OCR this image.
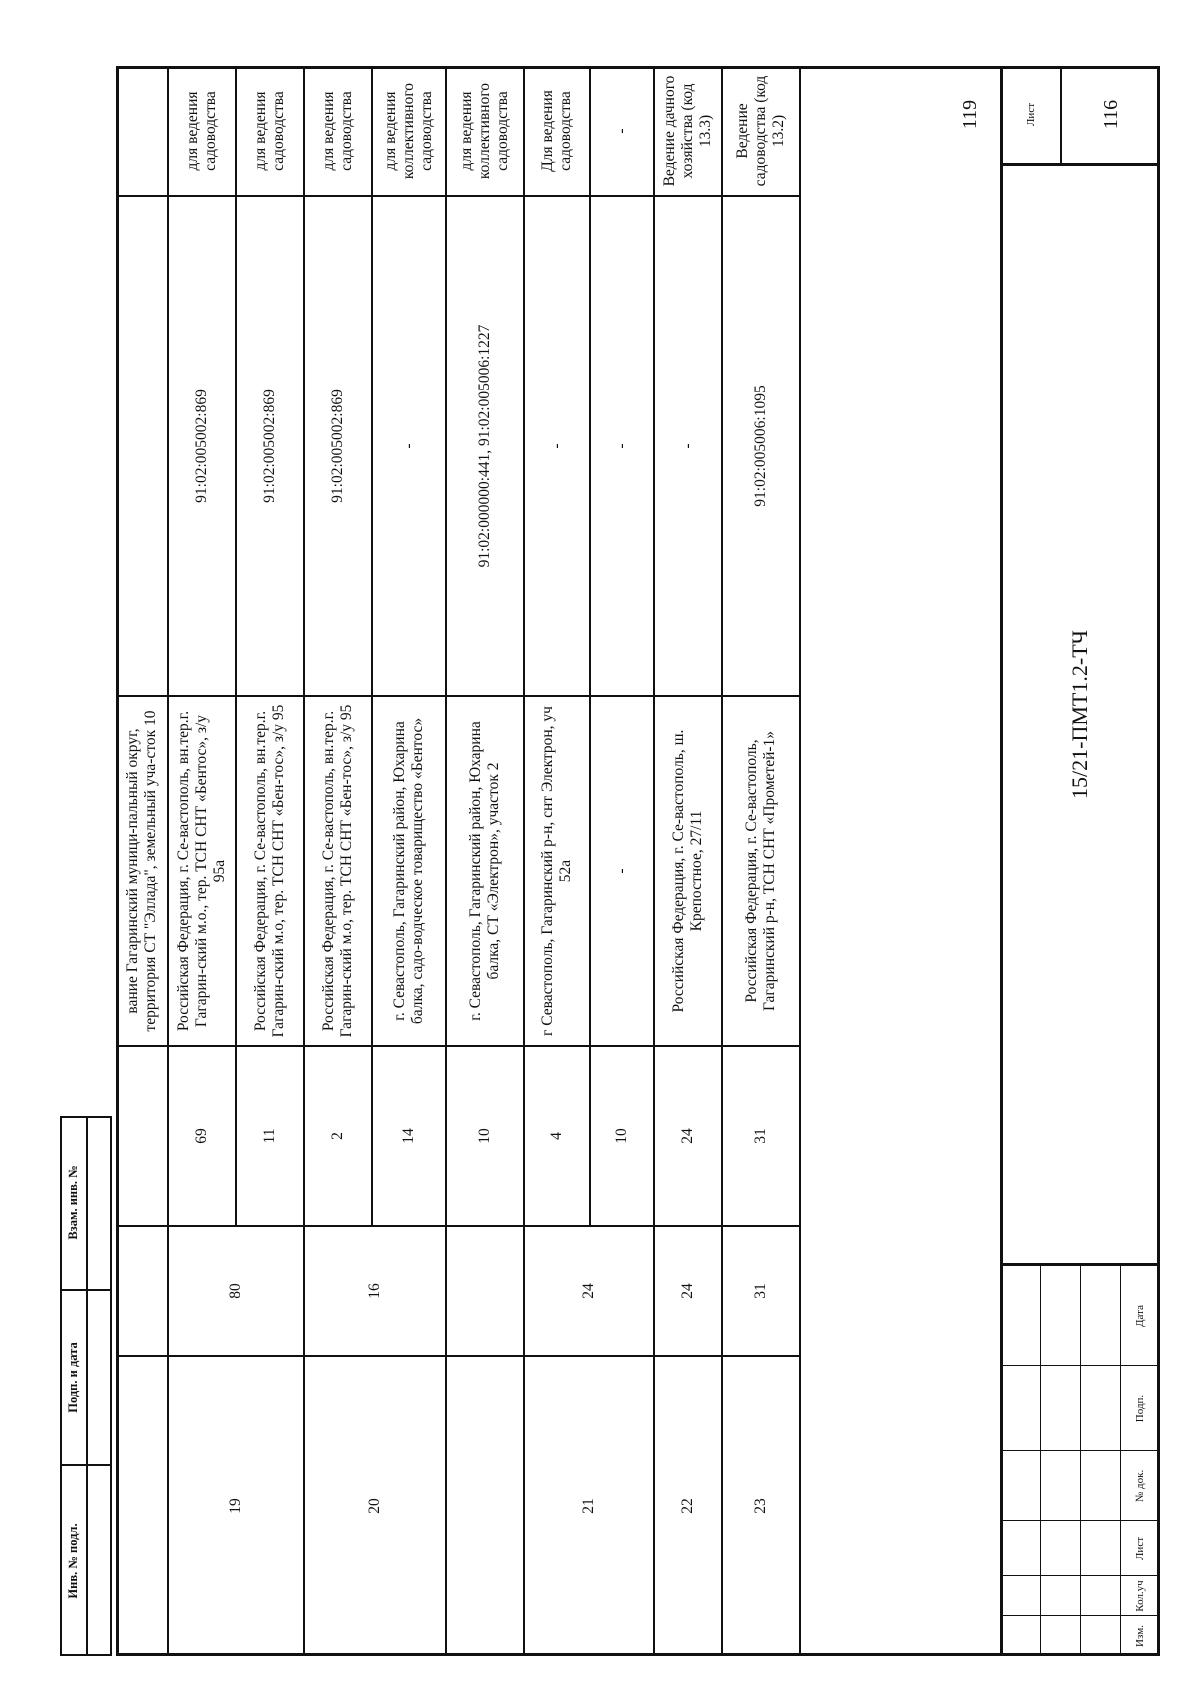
Инв. № подл.
Подп. и дата
Взам. инв. №
вание Гагаринский муници-пальный округ, территория СТ "Эллада", земельный уча-сток 10
69
Российская Федерация, г. Се-вастополь, вн.тер.г. Гагарин-ский м.о., тер. ТСН СНТ «Бентос», з/у 95а
91:02:005002:869
для ведения садоводства
11
Российская Федерация, г. Се-вастополь, вн.тер.г. Гагарин-ский м.о, тер. ТСН СНТ «Бен-тос», з/у 95
91:02:005002:869
для ведения садоводства
2
Российская Федерация, г. Се-вастополь, вн.тер.г. Гагарин-ский м.о, тер. ТСН СНТ «Бен-тос», з/у 95
91:02:005002:869
для ведения садоводства
14
г. Севастополь, Гагаринский район, Юхарина балка, садо-водческое товарищество «Бентос»
-
для ведения коллективного садоводства
10
г. Севастополь, Гагаринский район, Юхарина балка, СТ «Электрон», участок 2
91:02:000000:441, 91:02:005006:1227
для ведения коллективного садоводства
4
г Севастополь, Гагаринский р-н, снт Электрон, уч 52а
-
Для ведения садоводства
10
-
-
-
22
24
24
Российская Федерация, г. Се-вастополь, ш. Крепостное, 27/11
-
Ведение дачного хозяйства (код 13.3)
23
31
31
Российская Федерация, г. Се-вастополь, Гагаринский р-н, ТСН СНТ «Прометей-1»
91:02:005006:1095
Ведение садоводства (код 13.2)
19
80
20
16
21
24
15/21-ПМТ1.2-ТЧ
Лист	116
119
Изм.
Кол.уч
Лист
№ док.
Подп.
Дата
